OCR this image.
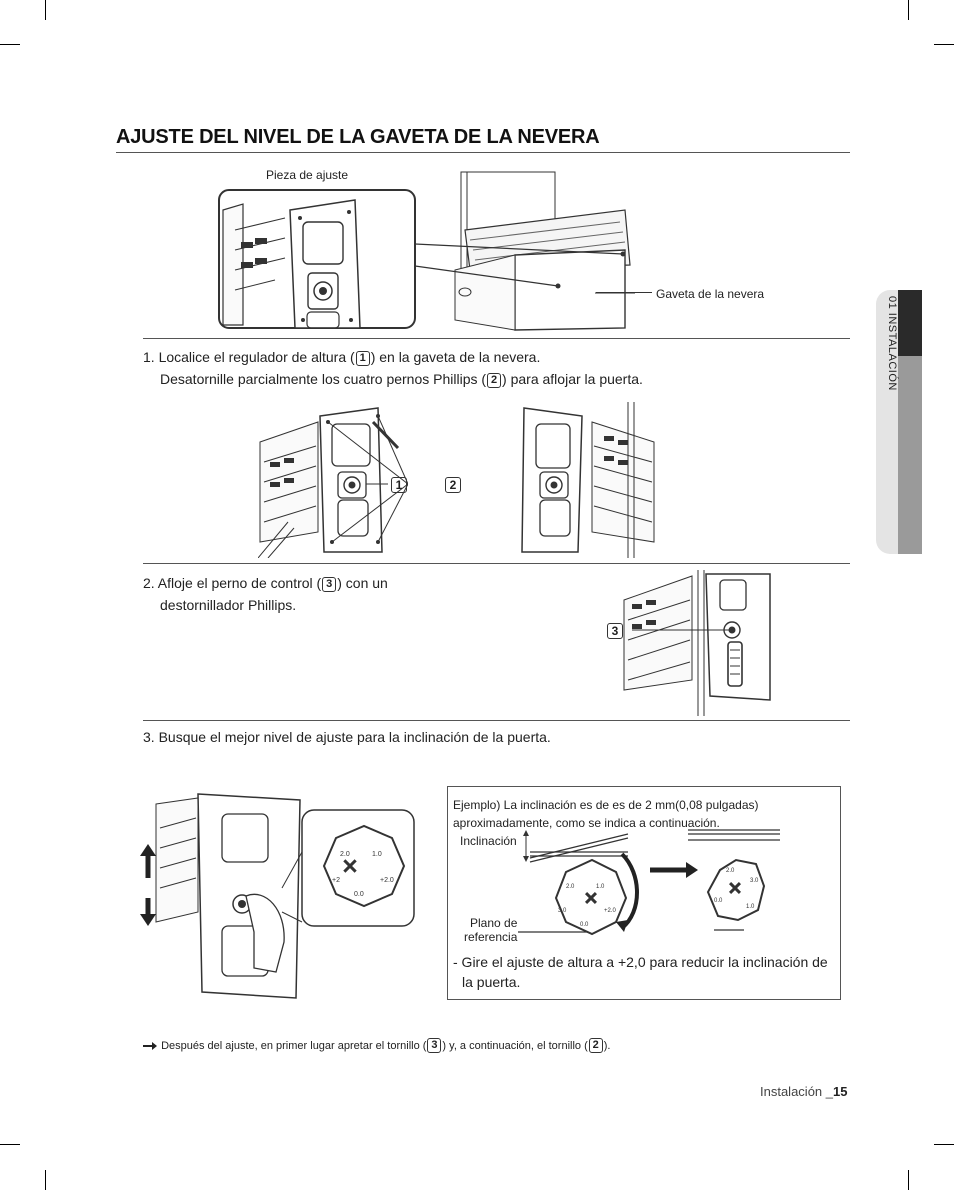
01 INSTALACIÓN
AJUSTE DEL NIVEL DE LA GAVETA DE LA NEVERA
Pieza de ajuste
Gaveta de la nevera
1. Localice el regulador de altura ( 1 ) en la gaveta de la nevera.
Desatornille parcialmente los cuatro pernos Phillips ( 2 ) para aflojar la puerta.
1	2
2. Afloje el perno de control ( 3 ) con un
destornillador Phillips.
3
3. Busque el mejor nivel de ajuste para la inclinación de la puerta.
2.0	1.0
+2.0
+2
0.0
Ejemplo) La inclinación es de es de 2 mm(0,08 pulgadas)
aproximadamente, como se indica a continuación.
Inclinación
Plano de
referencia
2.0	1.0
+2.0
3.0
0.0
2.0
3.0
1.0
0.0
- Gire el ajuste de altura a +2,0 para reducir la inclinación de
la puerta.
Después del ajuste, en primer lugar apretar el tornillo ( 3 ) y, a continuación, el tornillo ( 2 ).
Instalación _15
